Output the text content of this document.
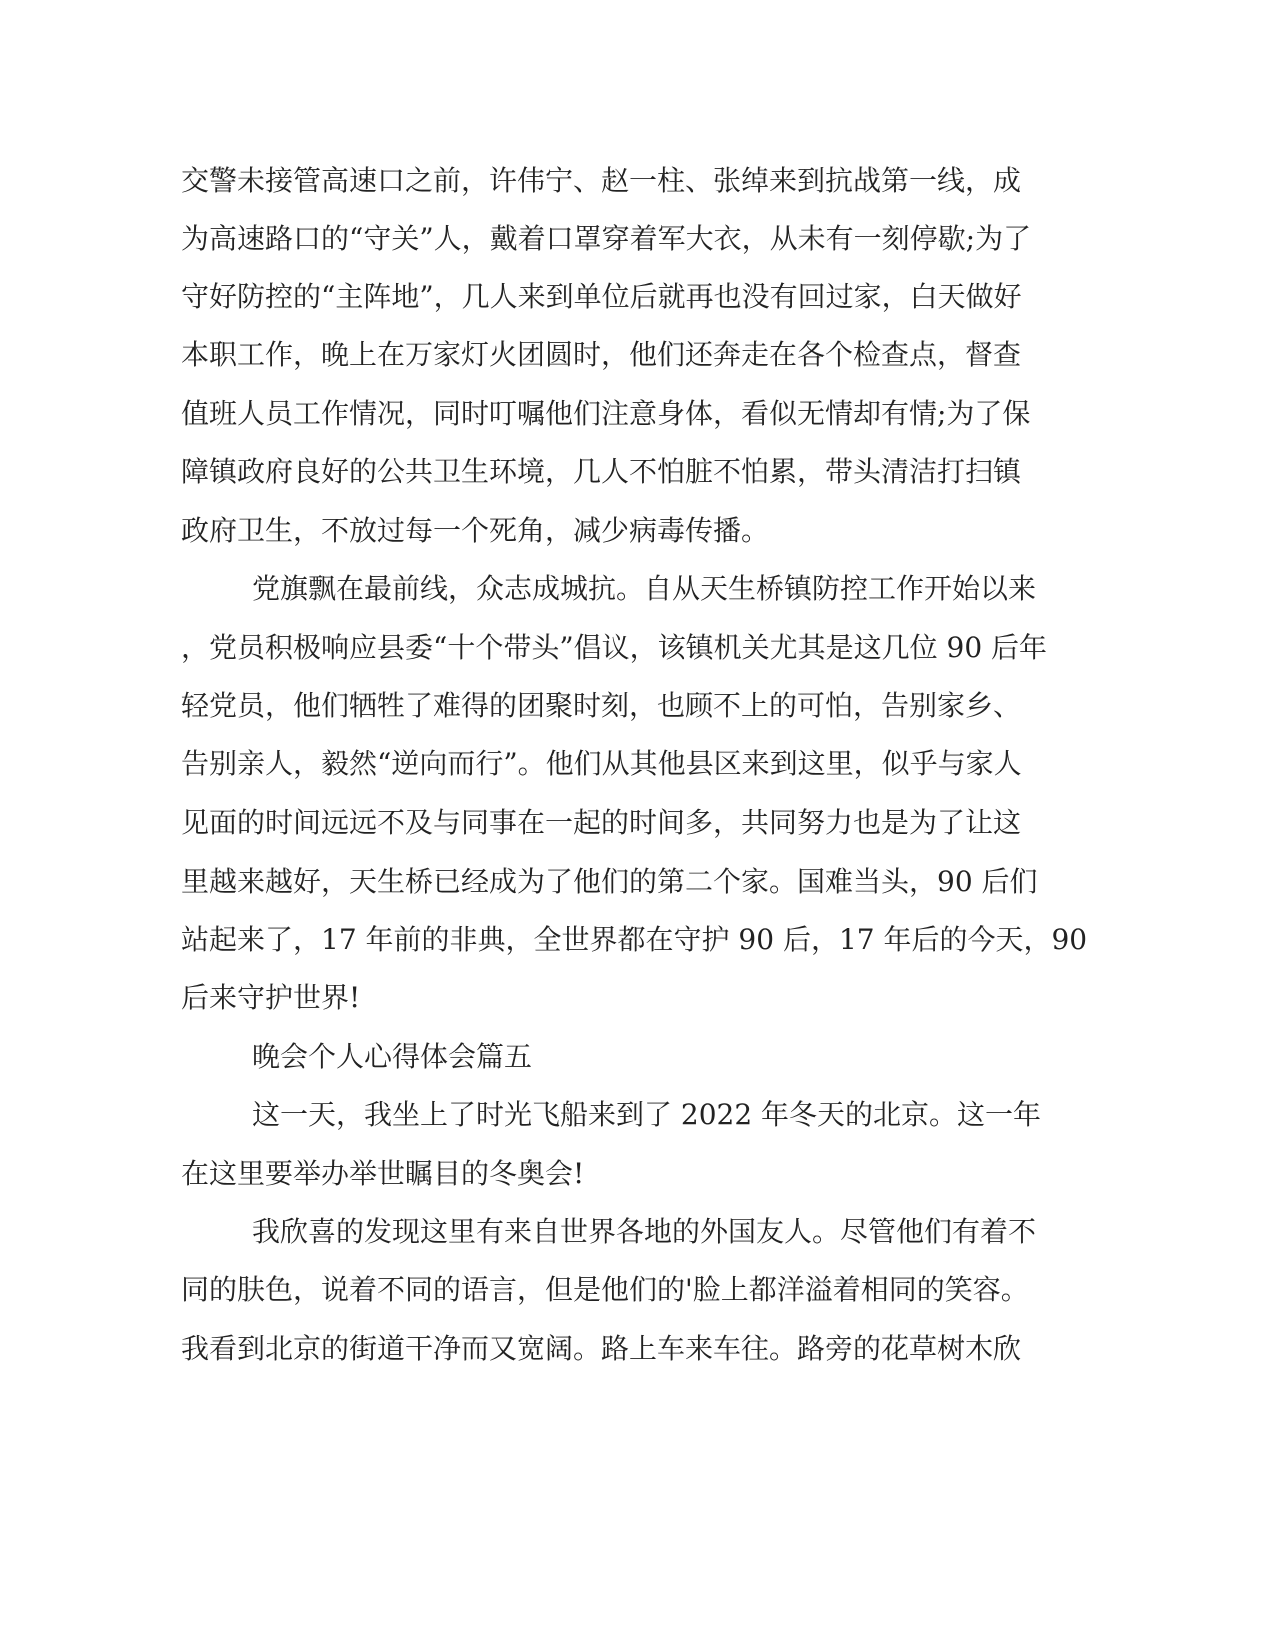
交警未接管高速口之前，许伟宁、赵一柱、张绰来到抗战第一线，成
为高速路口的“守关”人，戴着口罩穿着军大衣，从未有一刻停歇;为了
守好防控的“主阵地”，几人来到单位后就再也没有回过家，白天做好
本职工作，晚上在万家灯火团圆时，他们还奔走在各个检查点，督查
值班人员工作情况，同时叮嘱他们注意身体，看似无情却有情;为了保
障镇政府良好的公共卫生环境，几人不怕脏不怕累，带头清洁打扫镇
政府卫生，不放过每一个死角，减少病毒传播。
党旗飘在最前线，众志成城抗。自从天生桥镇防控工作开始以来
，党员积极响应县委“十个带头”倡议，该镇机关尤其是这几位 90 后年
轻党员，他们牺牲了难得的团聚时刻，也顾不上的可怕，告别家乡、
告别亲人，毅然“逆向而行”。他们从其他县区来到这里，似乎与家人
见面的时间远远不及与同事在一起的时间多，共同努力也是为了让这
里越来越好，天生桥已经成为了他们的第二个家。国难当头，90 后们
站起来了，17 年前的非典，全世界都在守护 90 后，17 年后的今天，90
后来守护世界!
晚会个人心得体会篇五
这一天，我坐上了时光飞船来到了 2022 年冬天的北京。这一年
在这里要举办举世瞩目的冬奥会!
我欣喜的发现这里有来自世界各地的外国友人。尽管他们有着不
同的肤色，说着不同的语言，但是他们的'脸上都洋溢着相同的笑容。
我看到北京的街道干净而又宽阔。路上车来车往。路旁的花草树木欣
